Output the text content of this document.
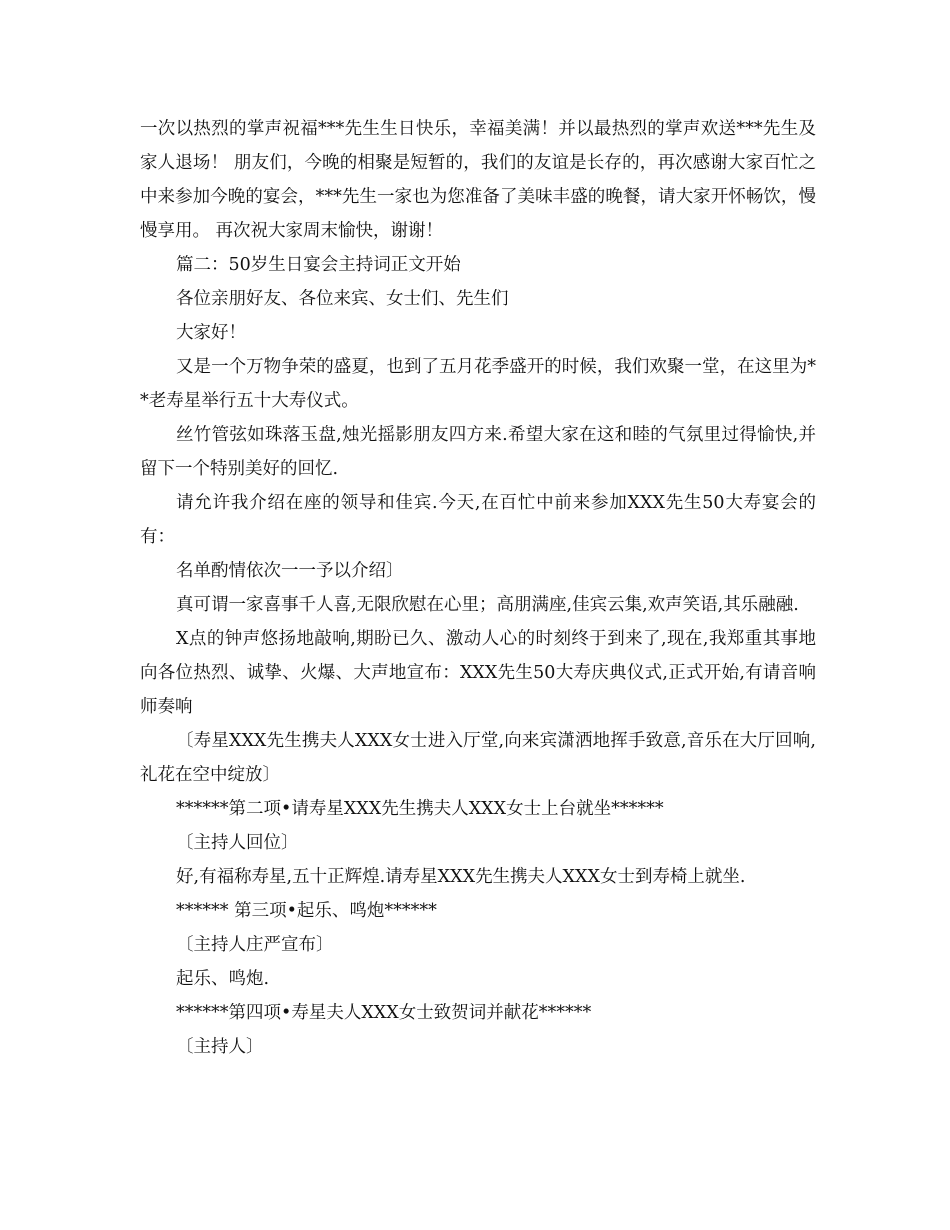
一次以热烈的掌声祝福***先生生日快乐，幸福美满！并以最热烈的掌声欢送***先生及家人退场！ 朋友们，今晚的相聚是短暂的，我们的友谊是长存的，再次感谢大家百忙之中来参加今晚的宴会，***先生一家也为您准备了美味丰盛的晚餐，请大家开怀畅饮，慢慢享用。 再次祝大家周末愉快，谢谢！

篇二：50岁生日宴会主持词正文开始

各位亲朋好友、各位来宾、女士们、先生们

大家好！

又是一个万物争荣的盛夏，也到了五月花季盛开的时候，我们欢聚一堂，在这里为**老寿星举行五十大寿仪式。

丝竹管弦如珠落玉盘,烛光摇影朋友四方来.希望大家在这和睦的气氛里过得愉快,并留下一个特别美好的回忆.

请允许我介绍在座的领导和佳宾.今天,在百忙中前来参加XXX先生50大寿宴会的有：

名单酌情依次一一予以介绍〕

真可谓一家喜事千人喜,无限欣慰在心里；高朋满座,佳宾云集,欢声笑语,其乐融融.

X点的钟声悠扬地敲响,期盼已久、激动人心的时刻终于到来了,现在,我郑重其事地向各位热烈、诚挚、火爆、大声地宣布：XXX先生50大寿庆典仪式,正式开始,有请音响师奏响

〔寿星XXX先生携夫人XXX女士进入厅堂,向来宾潇洒地挥手致意,音乐在大厅回响,礼花在空中绽放〕

******第二项•请寿星XXX先生携夫人XXX女士上台就坐******

〔主持人回位〕

好,有福称寿星,五十正辉煌.请寿星XXX先生携夫人XXX女士到寿椅上就坐.

****** 第三项•起乐、鸣炮******

〔主持人庄严宣布〕

起乐、鸣炮.

******第四项•寿星夫人XXX女士致贺词并献花******

〔主持人〕
